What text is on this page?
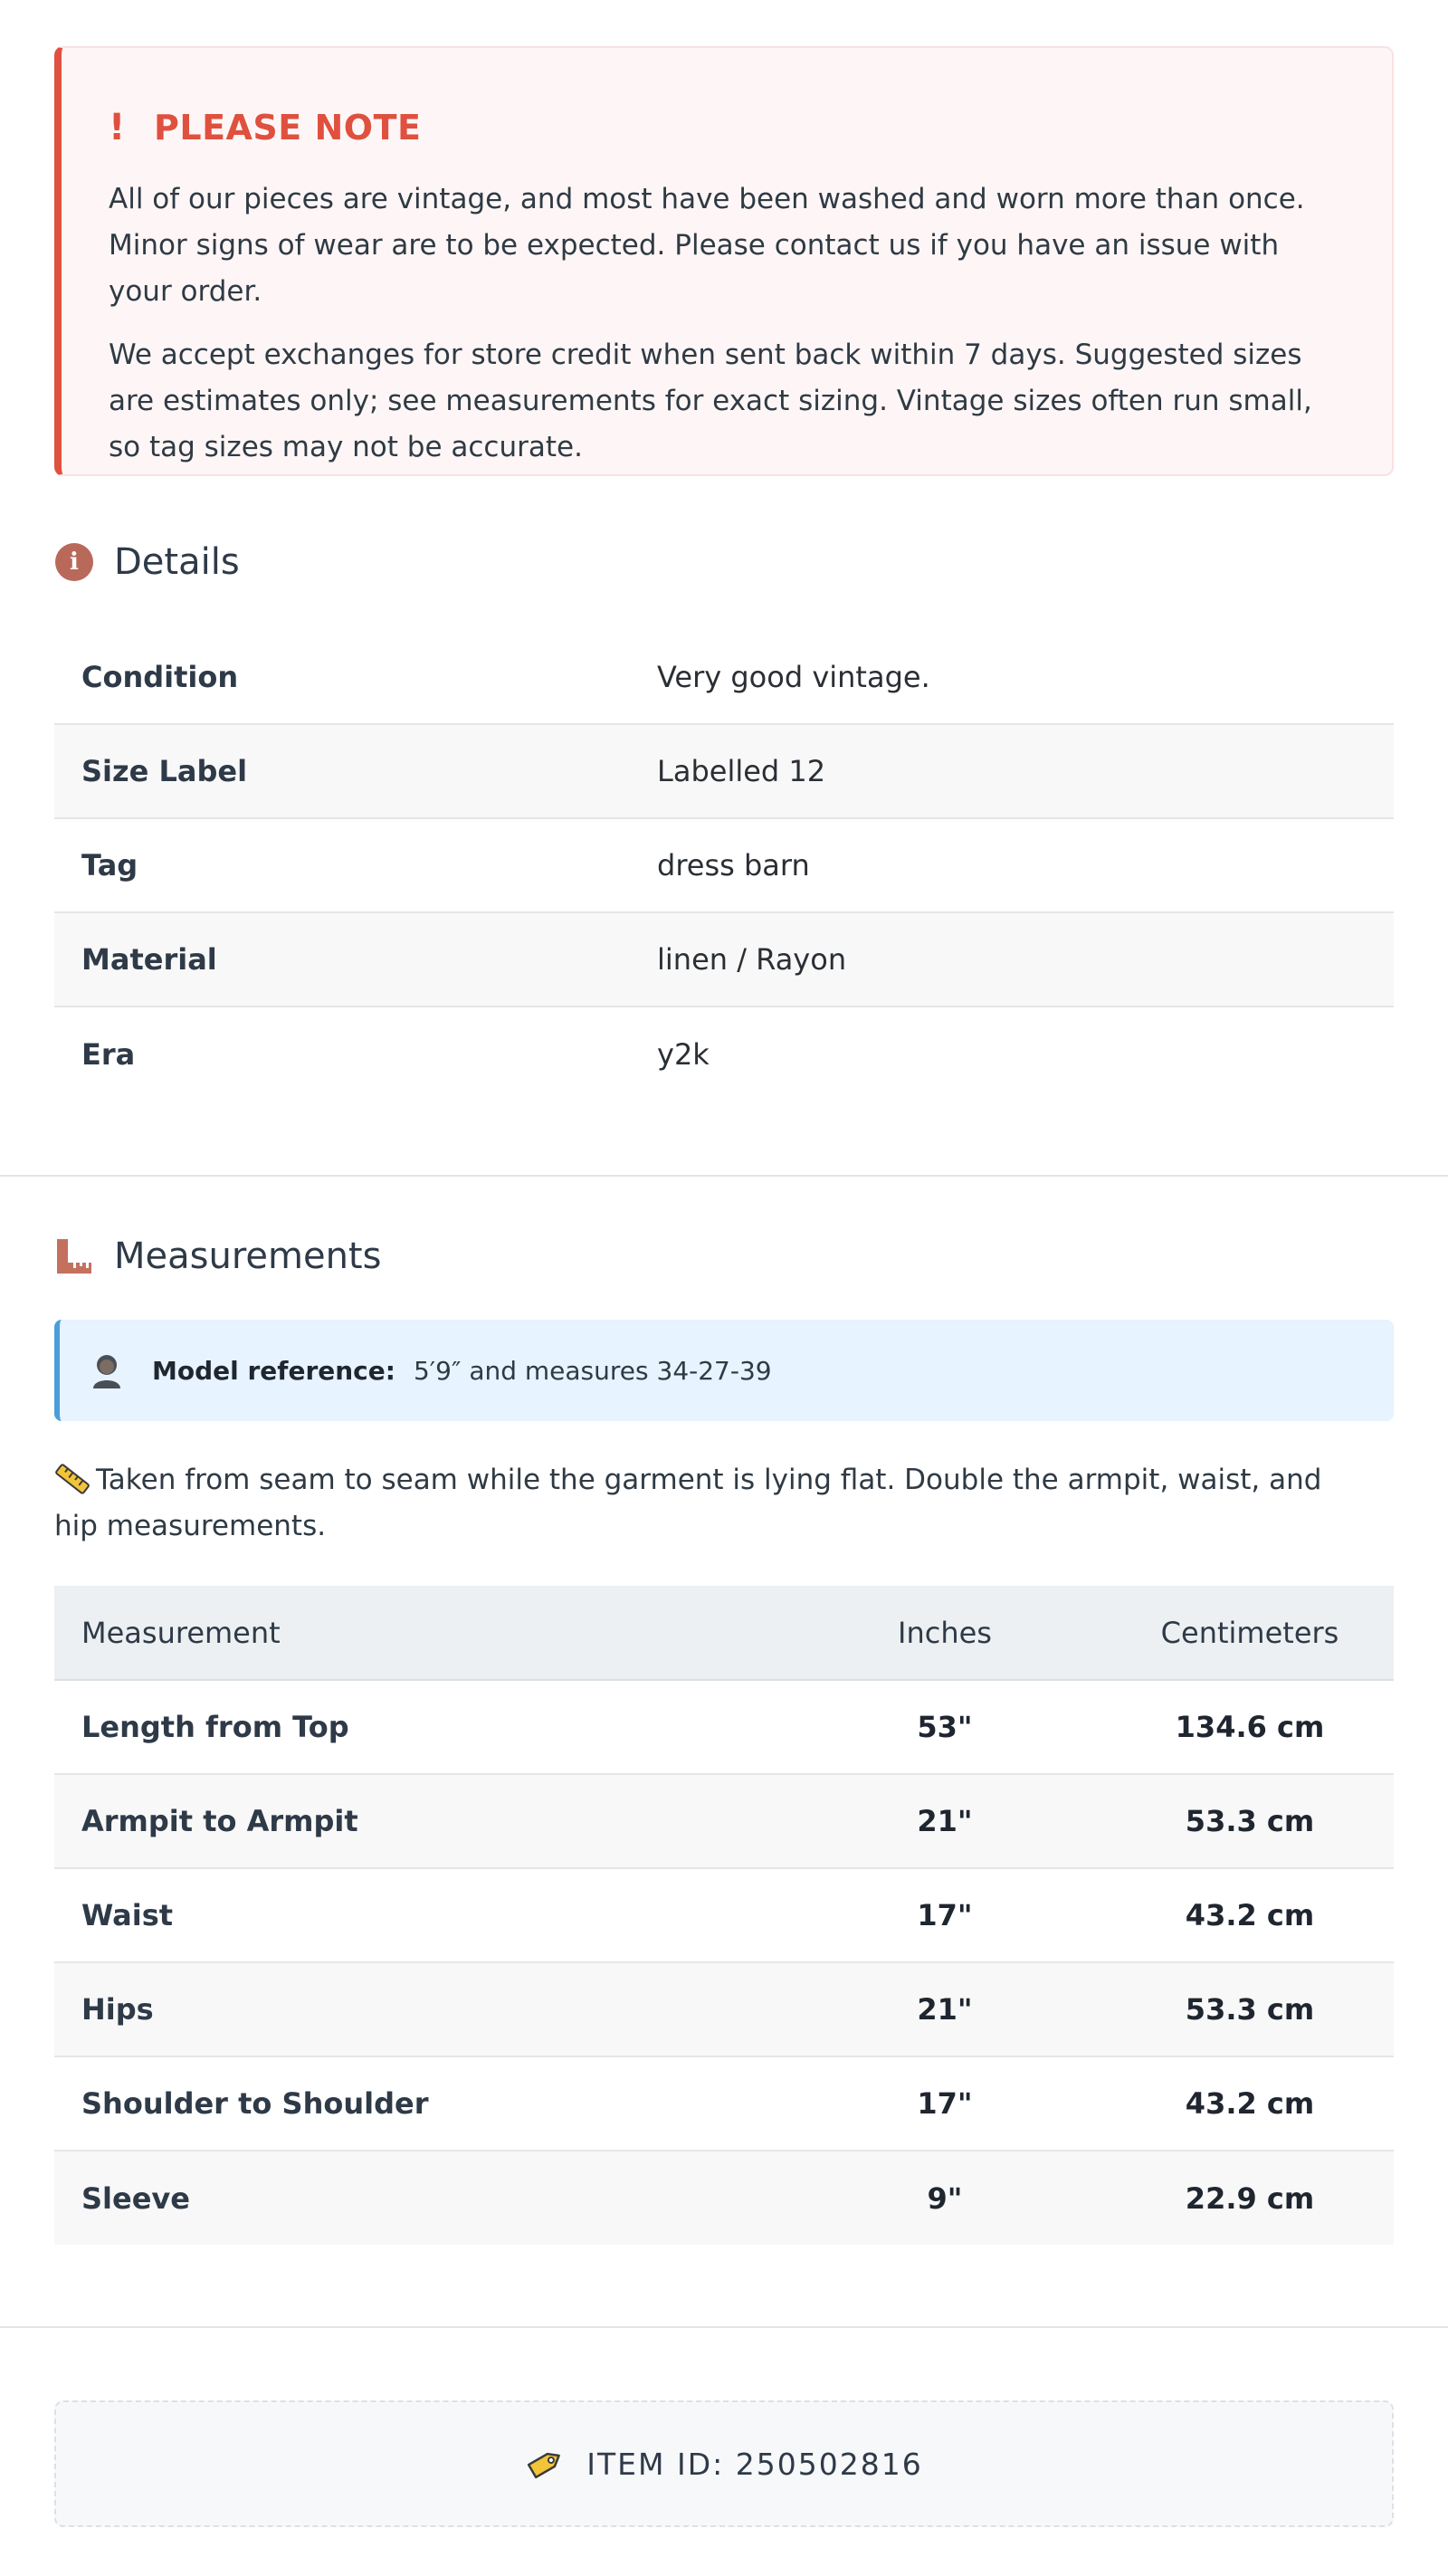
! PLEASE NOTE

All of our pieces are vintage, and most have been washed and worn more than once. Minor signs of wear are to be expected. Please contact us if you have an issue with your order.

We accept exchanges for store credit when sent back within 7 days. Suggested sizes are estimates only; see measurements for exact sizing. Vintage sizes often run small, so tag sizes may not be accurate.

i Details
Condition	Very good vintage.
Size Label	Labelled 12
Tag	dress barn
Material	linen / Rayon
Era	y2k
Measurements
Model reference: 5′9″ and measures 34-27-39
Taken from seam to seam while the garment is lying flat. Double the armpit, waist, and hip measurements.
Measurement	Inches	Centimeters
Length from Top	53"	134.6 cm
Armpit to Armpit	21"	53.3 cm
Waist	17"	43.2 cm
Hips	21"	53.3 cm
Shoulder to Shoulder	17"	43.2 cm
Sleeve	9"	22.9 cm
ITEM ID: 250502816
